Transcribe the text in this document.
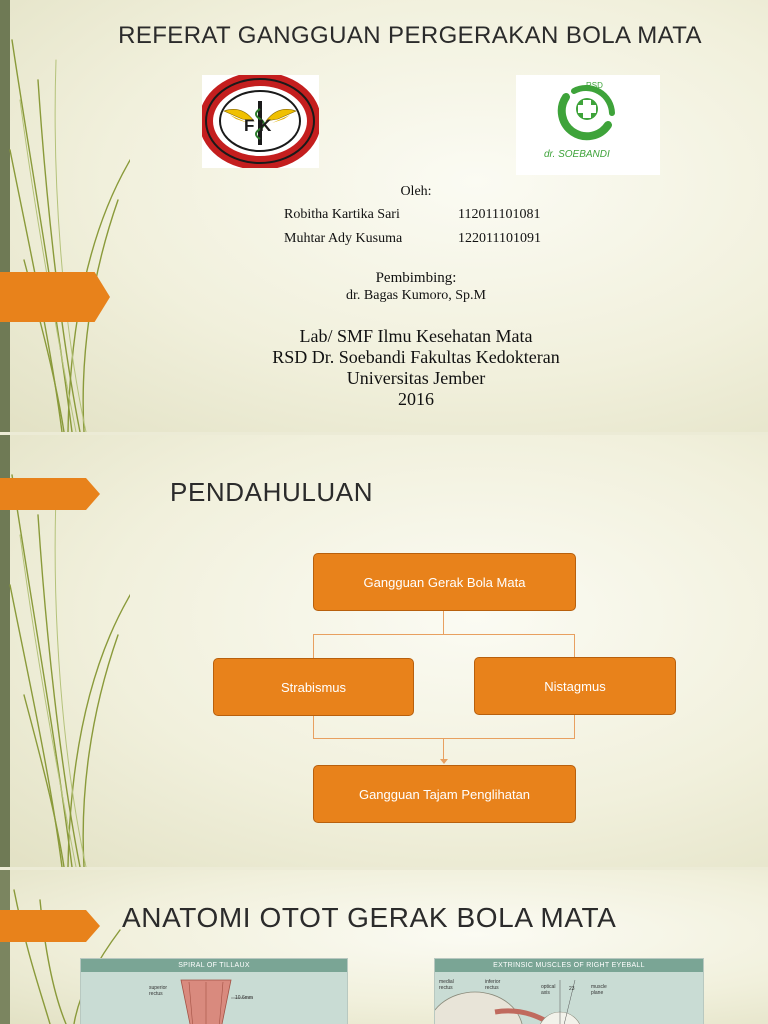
REFERAT GANGGUAN PERGERAKAN BOLA MATA
F K
RSD
dr. SOEBANDI
Oleh:
Robitha Kartika Sari	112011101081
Muhtar Ady Kusuma	122011101091
Pembimbing:
dr. Bagas Kumoro, Sp.M
Lab/ SMF Ilmu Kesehatan Mata
RSD Dr. Soebandi Fakultas Kedokteran
Universitas Jember
2016
PENDAHULUAN
Gangguan Gerak Bola Mata
Strabismus	Nistagmus
Gangguan Tajam Penglihatan
ANATOMI OTOT GERAK BOLA MATA
SPIRAL OF TILLAUX
superior rectus
10.6mm
EXTRINSIC MUSCLES OF RIGHT EYEBALL
medial rectus
inferior rectus	optical axis
23	muscle plane
